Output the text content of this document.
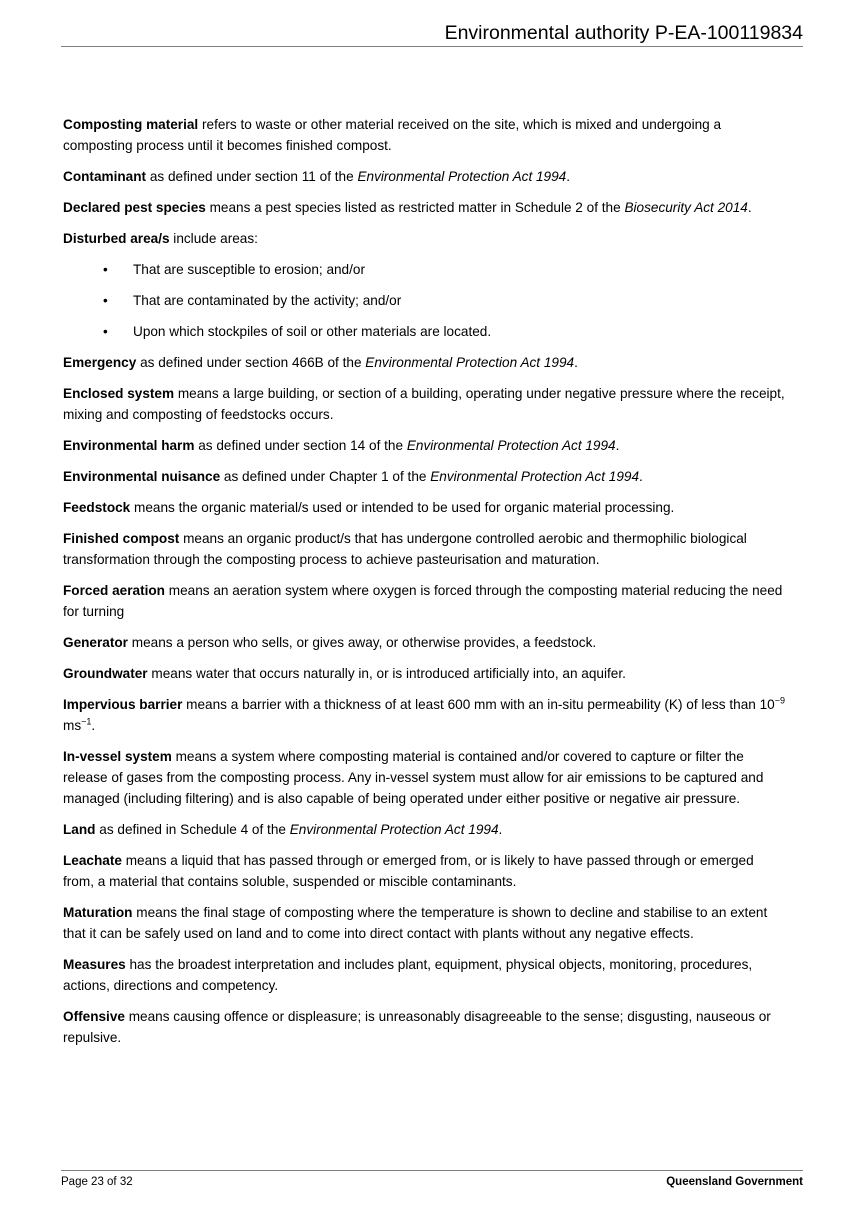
Environmental authority P-EA-100119834

Composting material refers to waste or other material received on the site, which is mixed and undergoing a composting process until it becomes finished compost.

Contaminant as defined under section 11 of the Environmental Protection Act 1994.

Declared pest species means a pest species listed as restricted matter in Schedule 2 of the Biosecurity Act 2014.

Disturbed area/s include areas:

• That are susceptible to erosion; and/or
• That are contaminated by the activity; and/or
• Upon which stockpiles of soil or other materials are located.

Emergency as defined under section 466B of the Environmental Protection Act 1994.

Enclosed system means a large building, or section of a building, operating under negative pressure where the receipt, mixing and composting of feedstocks occurs.

Environmental harm as defined under section 14 of the Environmental Protection Act 1994.

Environmental nuisance as defined under Chapter 1 of the Environmental Protection Act 1994.

Feedstock means the organic material/s used or intended to be used for organic material processing.

Finished compost means an organic product/s that has undergone controlled aerobic and thermophilic biological transformation through the composting process to achieve pasteurisation and maturation.

Forced aeration means an aeration system where oxygen is forced through the composting material reducing the need for turning

Generator means a person who sells, or gives away, or otherwise provides, a feedstock.

Groundwater means water that occurs naturally in, or is introduced artificially into, an aquifer.

Impervious barrier means a barrier with a thickness of at least 600 mm with an in-situ permeability (K) of less than $10^{-9}$ $ms^{-1}$.

In-vessel system means a system where composting material is contained and/or covered to capture or filter the release of gases from the composting process. Any in-vessel system must allow for air emissions to be captured and managed (including filtering) and is also capable of being operated under either positive or negative air pressure.

Land as defined in Schedule 4 of the Environmental Protection Act 1994.

Leachate means a liquid that has passed through or emerged from, or is likely to have passed through or emerged from, a material that contains soluble, suspended or miscible contaminants.

Maturation means the final stage of composting where the temperature is shown to decline and stabilise to an extent that it can be safely used on land and to come into direct contact with plants without any negative effects.

Measures has the broadest interpretation and includes plant, equipment, physical objects, monitoring, procedures, actions, directions and competency.

Offensive means causing offence or displeasure; is unreasonably disagreeable to the sense; disgusting, nauseous or repulsive.

Page 23 of 32	Queensland Government
